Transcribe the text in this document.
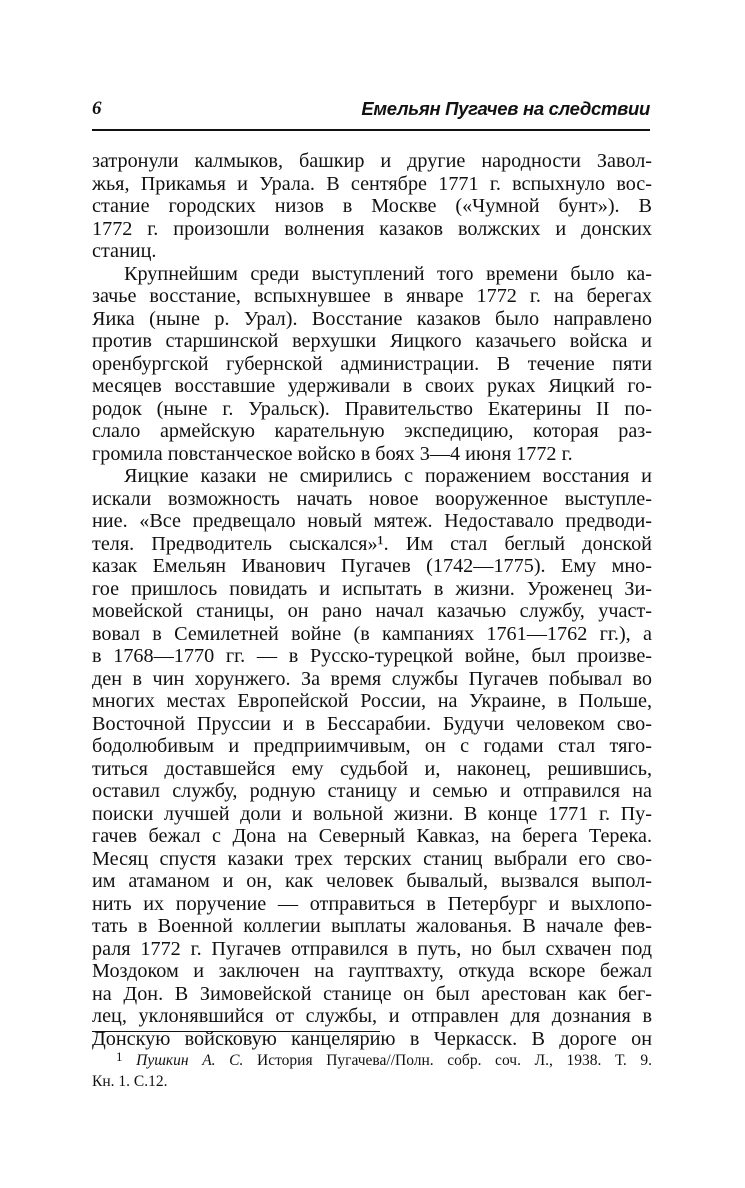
6	Емельян Пугачев на следствии
затронули калмыков, башкир и другие народности Завол-
жья, Прикамья и Урала. В сентябре 1771 г. вспыхнуло вос-
стание городских низов в Москве («Чумной бунт»). В
1772 г. произошли волнения казаков волжских и донских
станиц.
Крупнейшим среди выступлений того времени было ка-
зачье восстание, вспыхнувшее в январе 1772 г. на берегах
Яика (ныне р. Урал). Восстание казаков было направлено
против старшинской верхушки Яицкого казачьего войска и
оренбургской губернской администрации. В течение пяти
месяцев восставшие удерживали в своих руках Яицкий го-
родок (ныне г. Уральск). Правительство Екатерины II по-
слало армейскую карательную экспедицию, которая раз-
громила повстанческое войско в боях 3—4 июня 1772 г.
Яицкие казаки не смирились с поражением восстания и
искали возможность начать новое вооруженное выступле-
ние. «Все предвещало новый мятеж. Недоставало предводи-
теля. Предводитель сыскался»¹. Им стал беглый донской
казак Емельян Иванович Пугачев (1742—1775). Ему мно-
гое пришлось повидать и испытать в жизни. Уроженец Зи-
мовейской станицы, он рано начал казачью службу, участ-
вовал в Семилетней войне (в кампаниях 1761—1762 гг.), а
в 1768—1770 гг. — в Русско-турецкой войне, был произве-
ден в чин хорунжего. За время службы Пугачев побывал во
многих местах Европейской России, на Украине, в Польше,
Восточной Пруссии и в Бессарабии. Будучи человеком сво-
бодолюбивым и предприимчивым, он с годами стал тяго-
титься доставшейся ему судьбой и, наконец, решившись,
оставил службу, родную станицу и семью и отправился на
поиски лучшей доли и вольной жизни. В конце 1771 г. Пу-
гачев бежал с Дона на Северный Кавказ, на берега Терека.
Месяц спустя казаки трех терских станиц выбрали его сво-
им атаманом и он, как человек бывалый, вызвался выпол-
нить их поручение — отправиться в Петербург и выхлопо-
тать в Военной коллегии выплаты жалованья. В начале фев-
раля 1772 г. Пугачев отправился в путь, но был схвачен под
Моздоком и заключен на гауптвахту, откуда вскоре бежал
на Дон. В Зимовейской станице он был арестован как бег-
лец, уклонявшийся от службы, и отправлен для дознания в
Донскую войсковую канцелярию в Черкасск. В дороге он
$^1$ Пушкин А. С. История Пугачева//Полн. собр. соч. Л., 1938. Т. 9.
Кн. 1. С.12.
